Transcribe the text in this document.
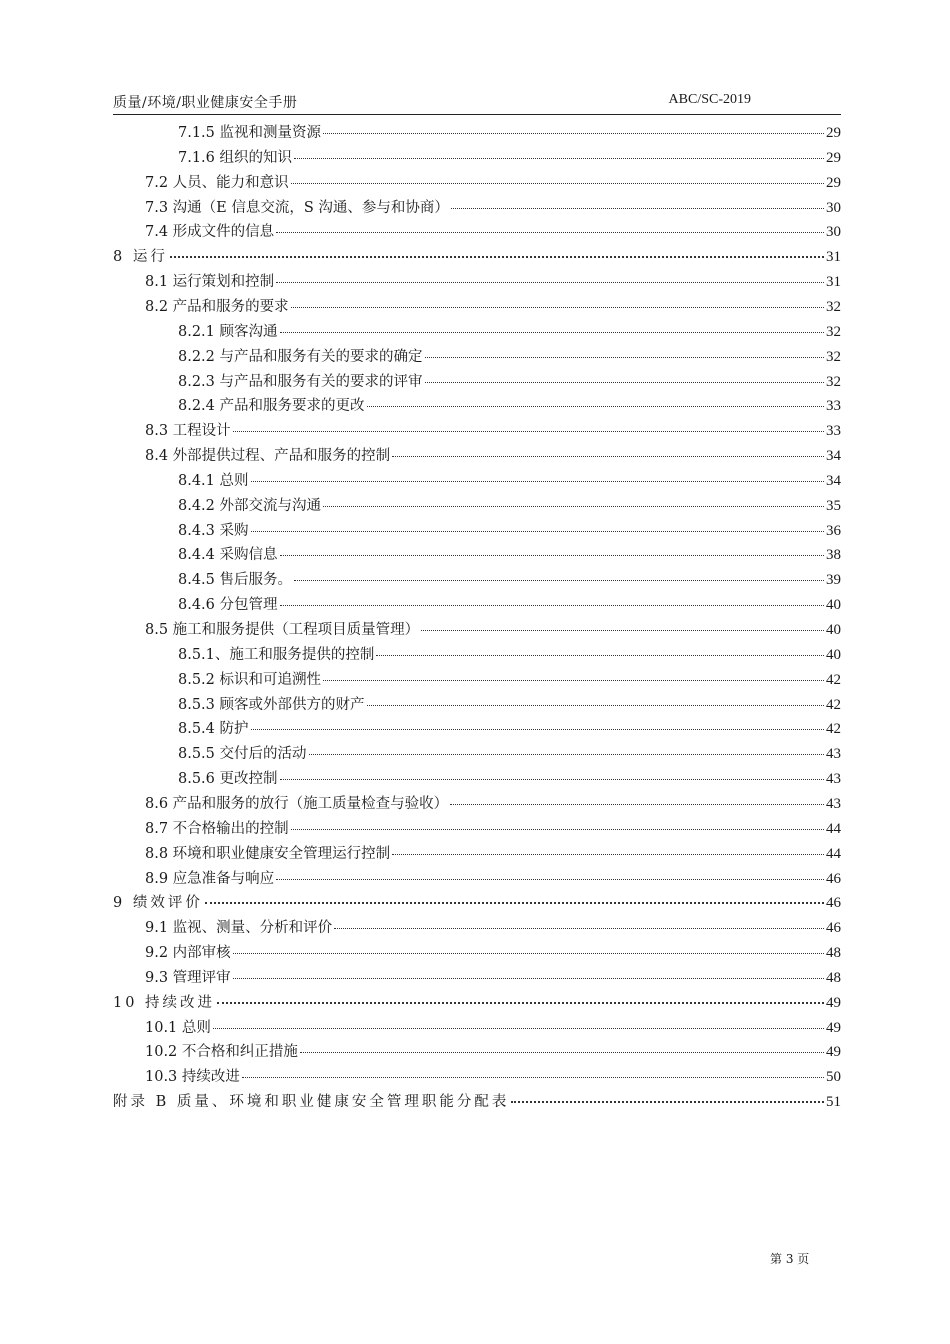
质量/环境/职业健康安全手册	ABC/SC-2019
7.1.5 监视和测量资源	29
7.1.6 组织的知识	29
7.2 人员、能力和意识	29
7.3 沟通（E 信息交流，S 沟通、参与和协商）	30
7.4 形成文件的信息	30
8 运行	31
8.1 运行策划和控制	31
8.2 产品和服务的要求	32
8.2.1 顾客沟通	32
8.2.2 与产品和服务有关的要求的确定	32
8.2.3 与产品和服务有关的要求的评审	32
8.2.4 产品和服务要求的更改	33
8.3 工程设计	33
8.4 外部提供过程、产品和服务的控制	34
8.4.1 总则	34
8.4.2 外部交流与沟通	35
8.4.3 采购	36
8.4.4 采购信息	38
8.4.5 售后服务。	39
8.4.6 分包管理	40
8.5 施工和服务提供（工程项目质量管理）	40
8.5.1、施工和服务提供的控制	40
8.5.2 标识和可追溯性	42
8.5.3 顾客或外部供方的财产	42
8.5.4 防护	42
8.5.5 交付后的活动	43
8.5.6 更改控制	43
8.6 产品和服务的放行（施工质量检查与验收）	43
8.7 不合格输出的控制	44
8.8 环境和职业健康安全管理运行控制	44
8.9 应急准备与响应	46
9 绩效评价	46
9.1 监视、测量、分析和评价	46
9.2 内部审核	48
9.3 管理评审	48
10 持续改进	49
10.1 总则	49
10.2 不合格和纠正措施	49
10.3 持续改进	50
附录 B 质量、环境和职业健康安全管理职能分配表	51
第 3 页
